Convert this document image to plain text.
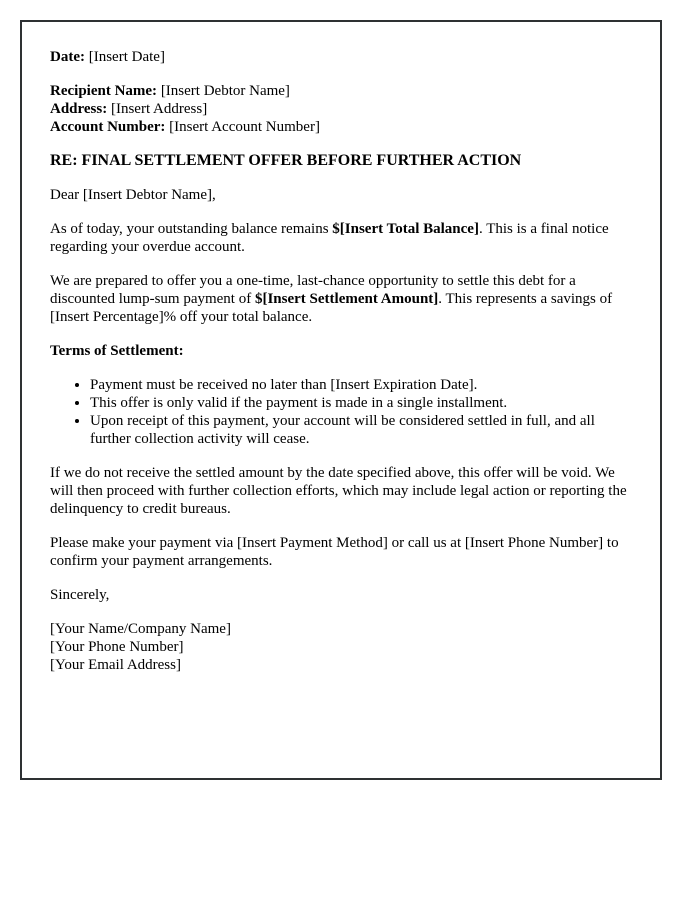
Date: [Insert Date]

Recipient Name: [Insert Debtor Name]
Address: [Insert Address]
Account Number: [Insert Account Number]

RE: FINAL SETTLEMENT OFFER BEFORE FURTHER ACTION

Dear [Insert Debtor Name],

As of today, your outstanding balance remains $[Insert Total Balance]. This is a final notice regarding your overdue account.

We are prepared to offer you a one-time, last-chance opportunity to settle this debt for a discounted lump-sum payment of $[Insert Settlement Amount]. This represents a savings of [Insert Percentage]% off your total balance.

Terms of Settlement:

• Payment must be received no later than [Insert Expiration Date].
• This offer is only valid if the payment is made in a single installment.
• Upon receipt of this payment, your account will be considered settled in full, and all further collection activity will cease.

If we do not receive the settled amount by the date specified above, this offer will be void. We will then proceed with further collection efforts, which may include legal action or reporting the delinquency to credit bureaus.

Please make your payment via [Insert Payment Method] or call us at [Insert Phone Number] to confirm your payment arrangements.

Sincerely,

[Your Name/Company Name]
[Your Phone Number]
[Your Email Address]
